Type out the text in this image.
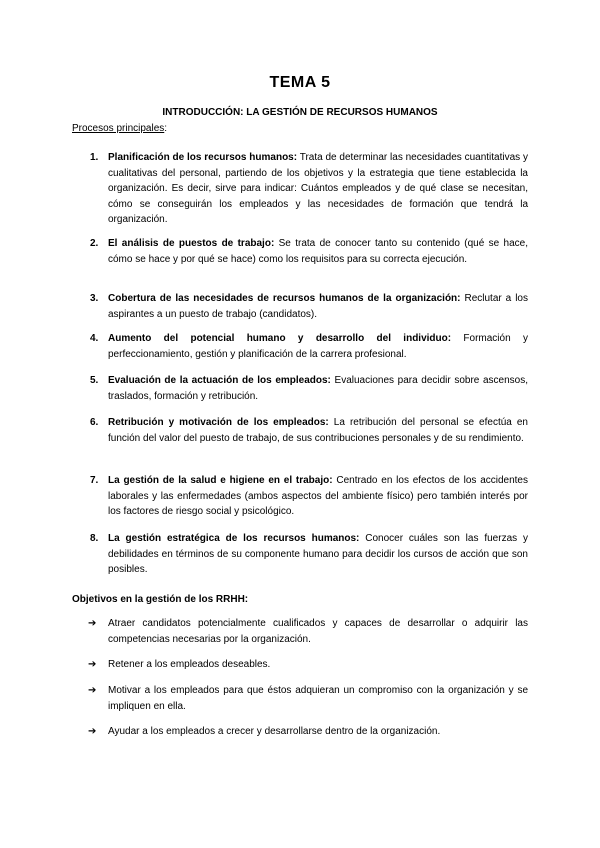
TEMA 5
INTRODUCCIÓN: LA GESTIÓN DE RECURSOS HUMANOS
Procesos principales:
1. Planificación de los recursos humanos: Trata de determinar las necesidades cuantitativas y cualitativas del personal, partiendo de los objetivos y la estrategia que tiene establecida la organización. Es decir, sirve para indicar: Cuántos empleados y de qué clase se necesitan, cómo se conseguirán los empleados y las necesidades de formación que tendrá la organización.
2. El análisis de puestos de trabajo: Se trata de conocer tanto su contenido (qué se hace, cómo se hace y por qué se hace) como los requisitos para su correcta ejecución.
3. Cobertura de las necesidades de recursos humanos de la organización: Reclutar a los aspirantes a un puesto de trabajo (candidatos).
4. Aumento del potencial humano y desarrollo del individuo: Formación y perfeccionamiento, gestión y planificación de la carrera profesional.
5. Evaluación de la actuación de los empleados: Evaluaciones para decidir sobre ascensos, traslados, formación y retribución.
6. Retribución y motivación de los empleados: La retribución del personal se efectúa en función del valor del puesto de trabajo, de sus contribuciones personales y de su rendimiento.
7. La gestión de la salud e higiene en el trabajo: Centrado en los efectos de los accidentes laborales y las enfermedades (ambos aspectos del ambiente físico) pero también interés por los factores de riesgo social y psicológico.
8. La gestión estratégica de los recursos humanos: Conocer cuáles son las fuerzas y debilidades en términos de su componente humano para decidir los cursos de acción que son posibles.
Objetivos en la gestión de los RRHH:
➔ Atraer candidatos potencialmente cualificados y capaces de desarrollar o adquirir las competencias necesarias por la organización.
➔ Retener a los empleados deseables.
➔ Motivar a los empleados para que éstos adquieran un compromiso con la organización y se impliquen en ella.
➔ Ayudar a los empleados a crecer y desarrollarse dentro de la organización.
